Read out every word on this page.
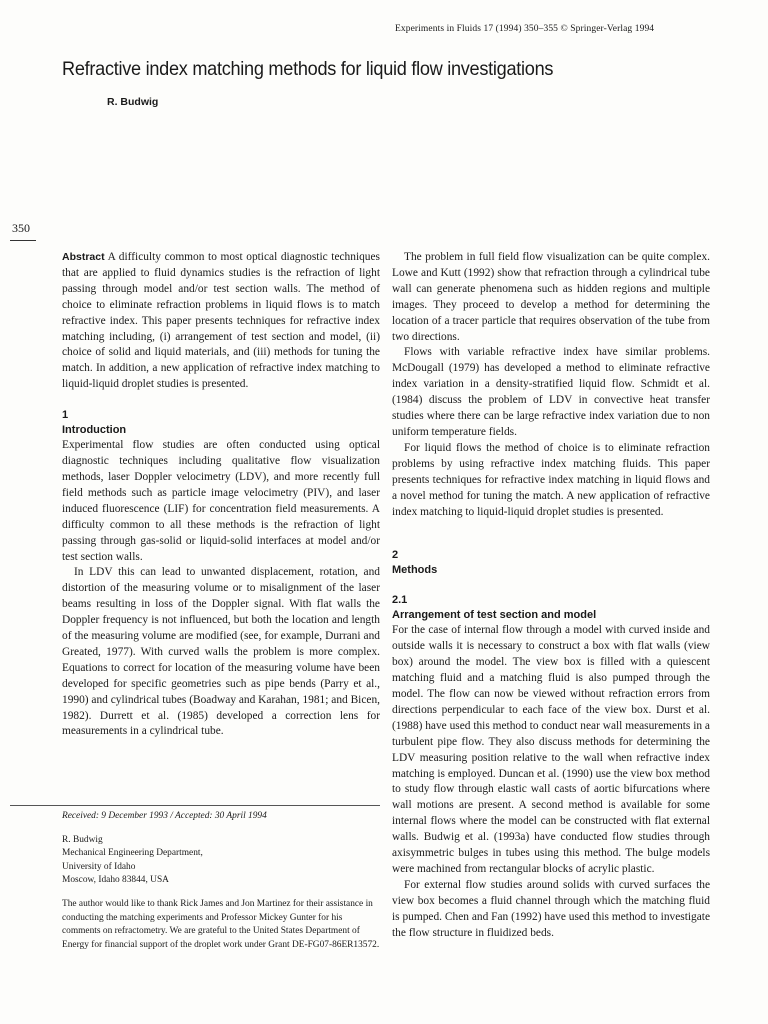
Experiments in Fluids 17 (1994) 350–355 © Springer-Verlag 1994
Refractive index matching methods for liquid flow investigations
R. Budwig
350

Abstract A difficulty common to most optical diagnostic techniques that are applied to fluid dynamics studies is the refraction of light passing through model and/or test section walls. The method of choice to eliminate refraction problems in liquid flows is to match refractive index. This paper presents techniques for refractive index matching including, (i) arrangement of test section and model, (ii) choice of solid and liquid materials, and (iii) methods for tuning the match. In addition, a new application of refractive index matching to liquid-liquid droplet studies is presented.

1
Introduction

Experimental flow studies are often conducted using optical diagnostic techniques including qualitative flow visualization methods, laser Doppler velocimetry (LDV), and more recently full field methods such as particle image velocimetry (PIV), and laser induced fluorescence (LIF) for concentration field measurements. A difficulty common to all these methods is the refraction of light passing through gas-solid or liquid-solid interfaces at model and/or test section walls.

In LDV this can lead to unwanted displacement, rotation, and distortion of the measuring volume or to misalignment of the laser beams resulting in loss of the Doppler signal. With flat walls the Doppler frequency is not influenced, but both the location and length of the measuring volume are modified (see, for example, Durrani and Greated, 1977). With curved walls the problem is more complex. Equations to correct for location of the measuring volume have been developed for specific geometries such as pipe bends (Parry et al., 1990) and cylindrical tubes (Boadway and Karahan, 1981; and Bicen, 1982). Durrett et al. (1985) developed a correction lens for measurements in a cylindrical tube.

The problem in full field flow visualization can be quite complex. Lowe and Kutt (1992) show that refraction through a cylindrical tube wall can generate phenomena such as hidden regions and multiple images. They proceed to develop a method for determining the location of a tracer particle that requires observation of the tube from two directions.

Flows with variable refractive index have similar problems. McDougall (1979) has developed a method to eliminate refractive index variation in a density-stratified liquid flow. Schmidt et al. (1984) discuss the problem of LDV in convective heat transfer studies where there can be large refractive index variation due to non uniform temperature fields.

For liquid flows the method of choice is to eliminate refraction problems by using refractive index matching fluids. This paper presents techniques for refractive index matching in liquid flows and a novel method for tuning the match. A new application of refractive index matching to liquid-liquid droplet studies is presented.

2
Methods
2.1
Arrangement of test section and model

For the case of internal flow through a model with curved inside and outside walls it is necessary to construct a box with flat walls (view box) around the model. The view box is filled with a quiescent matching fluid and a matching fluid is also pumped through the model. The flow can now be viewed without refraction errors from directions perpendicular to each face of the view box. Durst et al. (1988) have used this method to conduct near wall measurements in a turbulent pipe flow. They also discuss methods for determining the LDV measuring position relative to the wall when refractive index matching is employed. Duncan et al. (1990) use the view box method to study flow through elastic wall casts of aortic bifurcations where wall motions are present. A second method is available for some internal flows where the model can be constructed with flat external walls. Budwig et al. (1993a) have conducted flow studies through axisymmetric bulges in tubes using this method. The bulge models were machined from rectangular blocks of acrylic plastic.

For external flow studies around solids with curved surfaces the view box becomes a fluid channel through which the matching fluid is pumped. Chen and Fan (1992) have used this method to investigate the flow structure in fluidized beds.

Received: 9 December 1993 / Accepted: 30 April 1994

R. Budwig
Mechanical Engineering Department,
University of Idaho
Moscow, Idaho 83844, USA

The author would like to thank Rick James and Jon Martinez for their assistance in conducting the matching experiments and Professor Mickey Gunter for his comments on refractometry. We are grateful to the United States Department of Energy for financial support of the droplet work under Grant DE-FG07-86ER13572.
